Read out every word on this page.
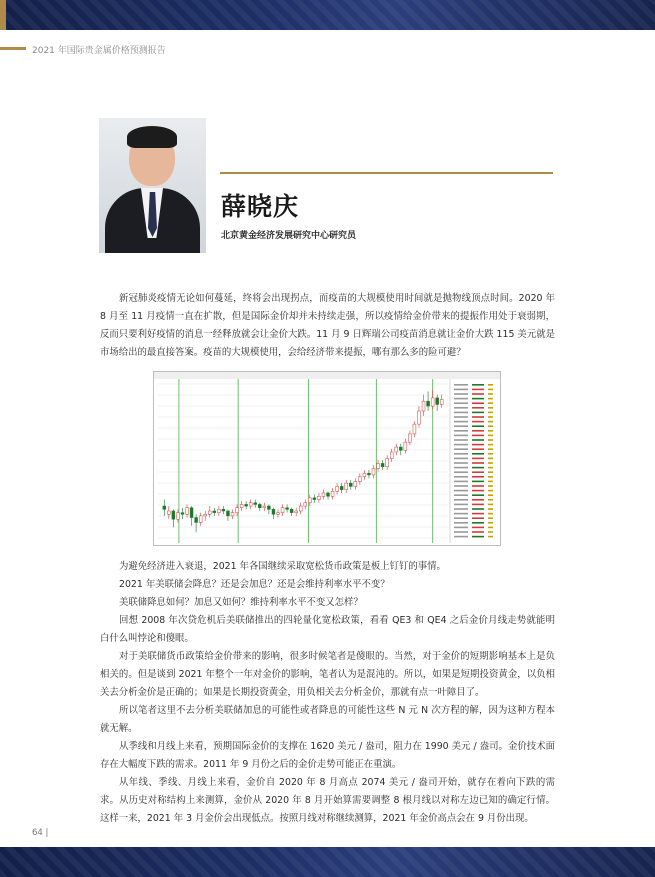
2021 年国际贵金属价格预测报告
薛晓庆
北京黄金经济发展研究中心研究员

新冠肺炎疫情无论如何蔓延，终将会出现拐点，而疫苗的大规模使用时间就是抛物线顶点时间。2020 年 8 月至 11 月疫情一直在扩散，但是国际金价却并未持续走强，所以疫情给金价带来的提振作用处于衰弱期，反而只要利好疫情的消息一经释放就会让金价大跌。11 月 9 日辉瑞公司疫苗消息就让金价大跌 115 美元就是市场给出的最直接答案。疫苗的大规模使用，会给经济带来提振，哪有那么多的险可避？

为避免经济进入衰退，2021 年各国继续采取宽松货币政策是板上钉钉的事情。

2021 年美联储会降息？还是会加息？还是会维持利率水平不变？

美联储降息如何？加息又如何？维持利率水平不变又怎样？

回想 2008 年次贷危机后美联储推出的四轮量化宽松政策，看看 QE3 和 QE4 之后金价月线走势就能明白什么叫悖论和傻眼。

对于美联储货币政策给金价带来的影响，很多时候笔者是傻眼的。当然，对于金价的短期影响基本上是负相关的。但是谈到 2021 年整个一年对金价的影响，笔者认为是混沌的。所以，如果是短期投资黄金，以负相关去分析金价是正确的；如果是长期投资黄金，用负相关去分析金价，那就有点一叶障目了。

所以笔者这里不去分析美联储加息的可能性或者降息的可能性这些 N 元 N 次方程的解，因为这种方程本就无解。

从季线和月线上来看，预期国际金价的支撑在 1620 美元 / 盎司，阻力在 1990 美元 / 盎司。金价技术面存在大幅度下跌的需求。2011 年 9 月份之后的金价走势可能正在重演。

从年线、季线、月线上来看，金价自 2020 年 8 月高点 2074 美元 / 盎司开始，就存在着向下跌的需求。从历史对称结构上来测算，金价从 2020 年 8 月开始算需要调整 8 根月线以对称左边已知的确定行情。这样一来，2021 年 3 月金价会出现低点。按照月线对称继续测算，2021 年金价高点会在 9 月份出现。

64 |
